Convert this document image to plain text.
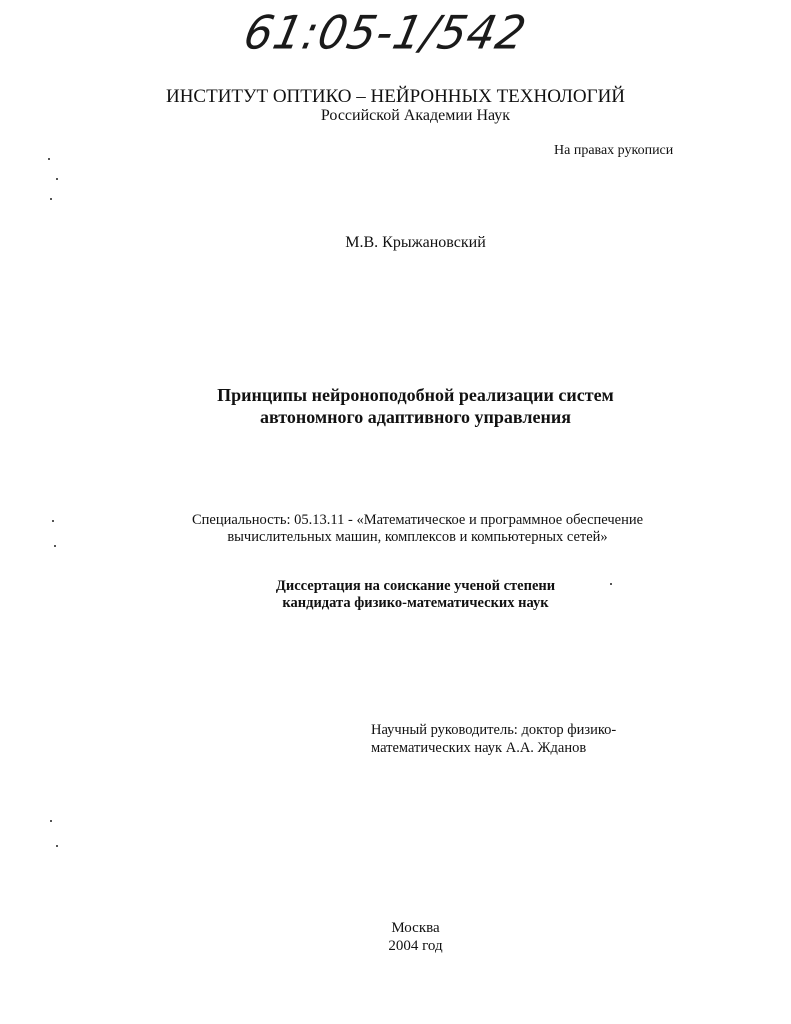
61:05-1/542
ИНСТИТУТ ОПТИКО – НЕЙРОННЫХ ТЕХНОЛОГИЙ
Российской Академии Наук
На правах рукописи
М.В. Крыжановский
Принципы нейроноподобной реализации систем
автономного адаптивного управления
Специальность: 05.13.11 - «Математическое и программное обеспечение
вычислительных машин, комплексов и компьютерных сетей»
Диссертация на соискание ученой степени
кандидата физико-математических наук
Научный руководитель: доктор физико-
математических наук А.А. Жданов
Москва
2004 год
